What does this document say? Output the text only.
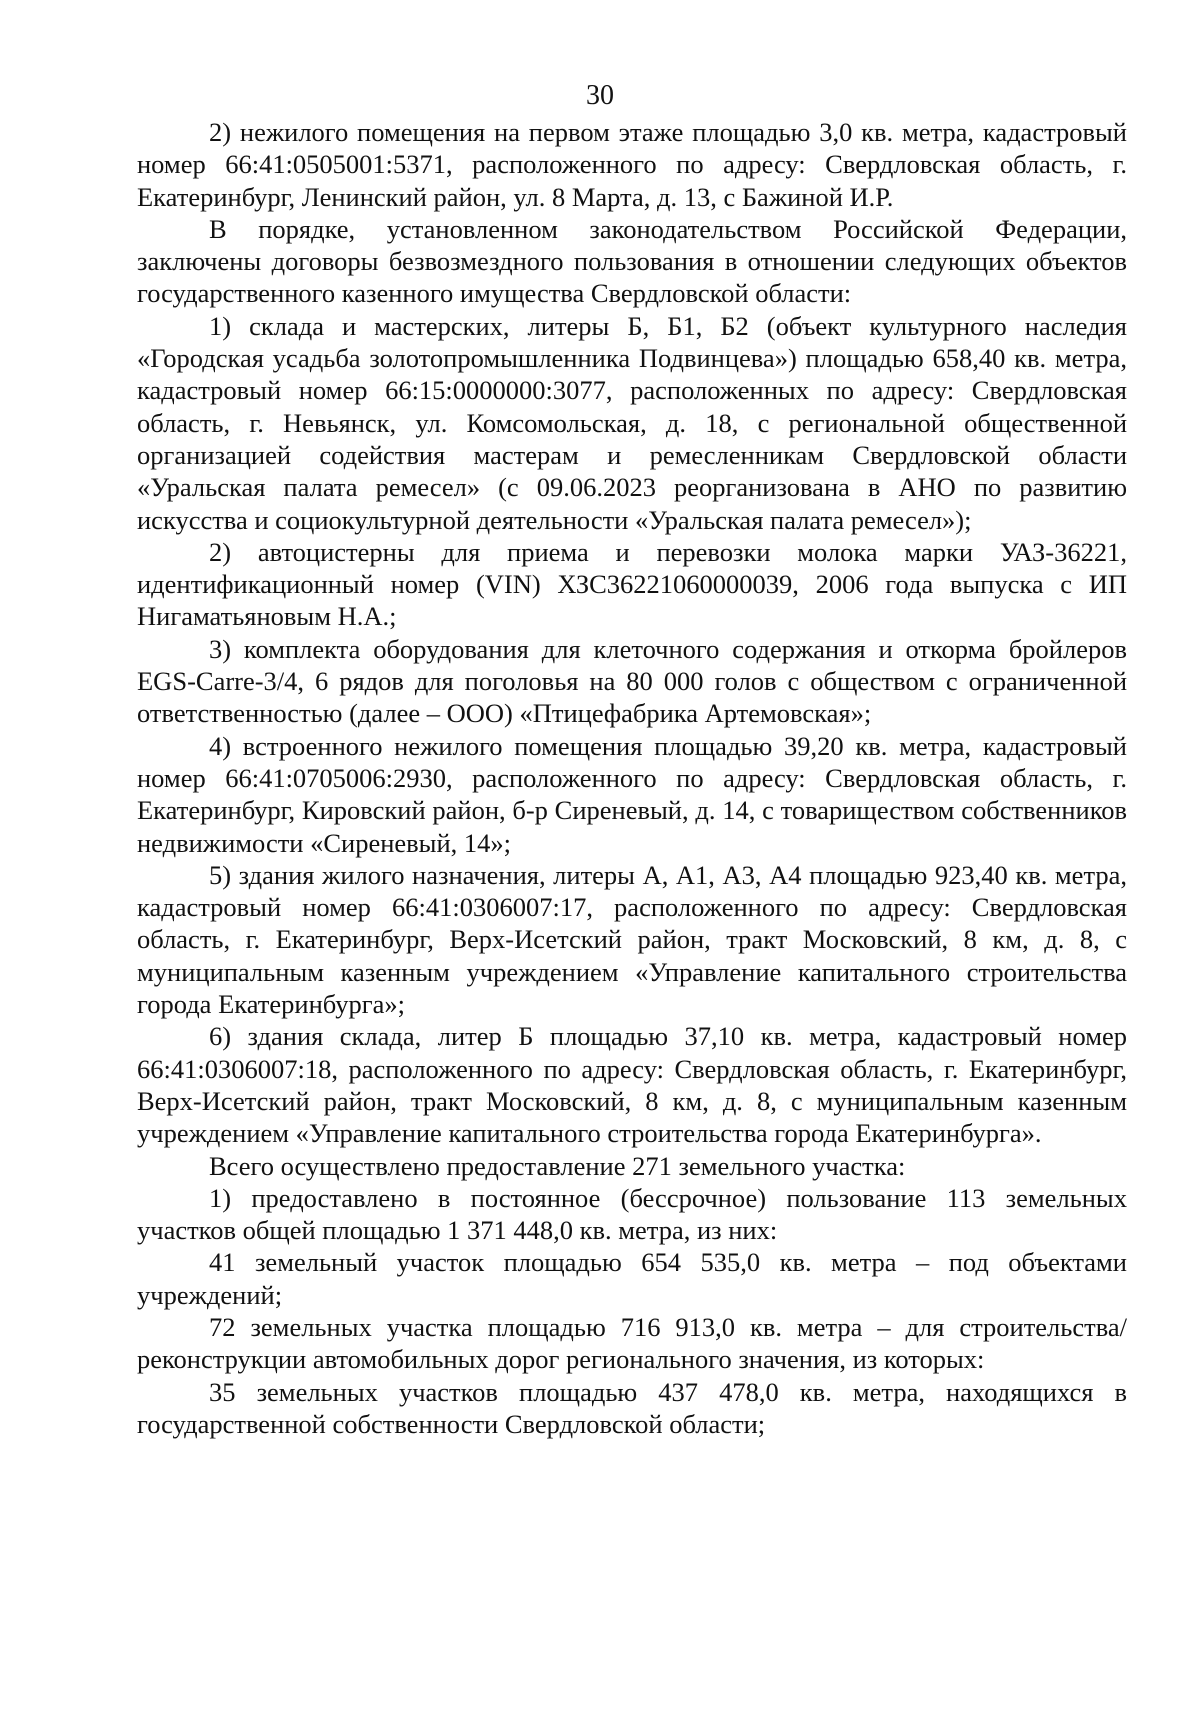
30

2) нежилого помещения на первом этаже площадью 3,0 кв. метра, кадастровый номер 66:41:0505001:5371, расположенного по адресу: Свердловская область, г. Екатеринбург, Ленинский район, ул. 8 Марта, д. 13, с Бажиной И.Р.

В порядке, установленном законодательством Российской Федерации, заключены договоры безвозмездного пользования в отношении следующих объектов государственного казенного имущества Свердловской области:

1) склада и мастерских, литеры Б, Б1, Б2 (объект культурного наследия «Городская усадьба золотопромышленника Подвинцева») площадью 658,40 кв. метра, кадастровый номер 66:15:0000000:3077, расположенных по адресу: Свердловская область, г. Невьянск, ул. Комсомольская, д. 18, с региональной общественной организацией содействия мастерам и ремесленникам Свердловской области «Уральская палата ремесел» (с 09.06.2023 реорганизована в АНО по развитию искусства и социокультурной деятельности «Уральская палата ремесел»);

2) автоцистерны для приема и перевозки молока марки УАЗ-36221, идентификационный номер (VIN) ХЗС36221060000039, 2006 года выпуска с ИП Нигаматьяновым Н.А.;

3) комплекта оборудования для клеточного содержания и откорма бройлеров EGS-Carre-3/4, 6 рядов для поголовья на 80 000 голов с обществом с ограниченной ответственностью (далее – ООО) «Птицефабрика Артемовская»;

4) встроенного нежилого помещения площадью 39,20 кв. метра, кадастровый номер 66:41:0705006:2930, расположенного по адресу: Свердловская область, г. Екатеринбург, Кировский район, б-р Сиреневый, д. 14, с товариществом собственников недвижимости «Сиреневый, 14»;

5) здания жилого назначения, литеры А, А1, А3, А4 площадью 923,40 кв. метра, кадастровый номер 66:41:0306007:17, расположенного по адресу: Свердловская область, г. Екатеринбург, Верх-Исетский район, тракт Московский, 8 км, д. 8, с муниципальным казенным учреждением «Управление капитального строительства города Екатеринбурга»;

6) здания склада, литер Б площадью 37,10 кв. метра, кадастровый номер 66:41:0306007:18, расположенного по адресу: Свердловская область, г. Екатеринбург, Верх-Исетский район, тракт Московский, 8 км, д. 8, с муниципальным казенным учреждением «Управление капитального строительства города Екатеринбурга».

Всего осуществлено предоставление 271 земельного участка:

1) предоставлено в постоянное (бессрочное) пользование 113 земельных участков общей площадью 1 371 448,0 кв. метра, из них:

41 земельный участок площадью 654 535,0 кв. метра – под объектами учреждений;

72 земельных участка площадью 716 913,0 кв. метра – для строительства/ реконструкции автомобильных дорог регионального значения, из которых:

35 земельных участков площадью 437 478,0 кв. метра, находящихся в государственной собственности Свердловской области;
